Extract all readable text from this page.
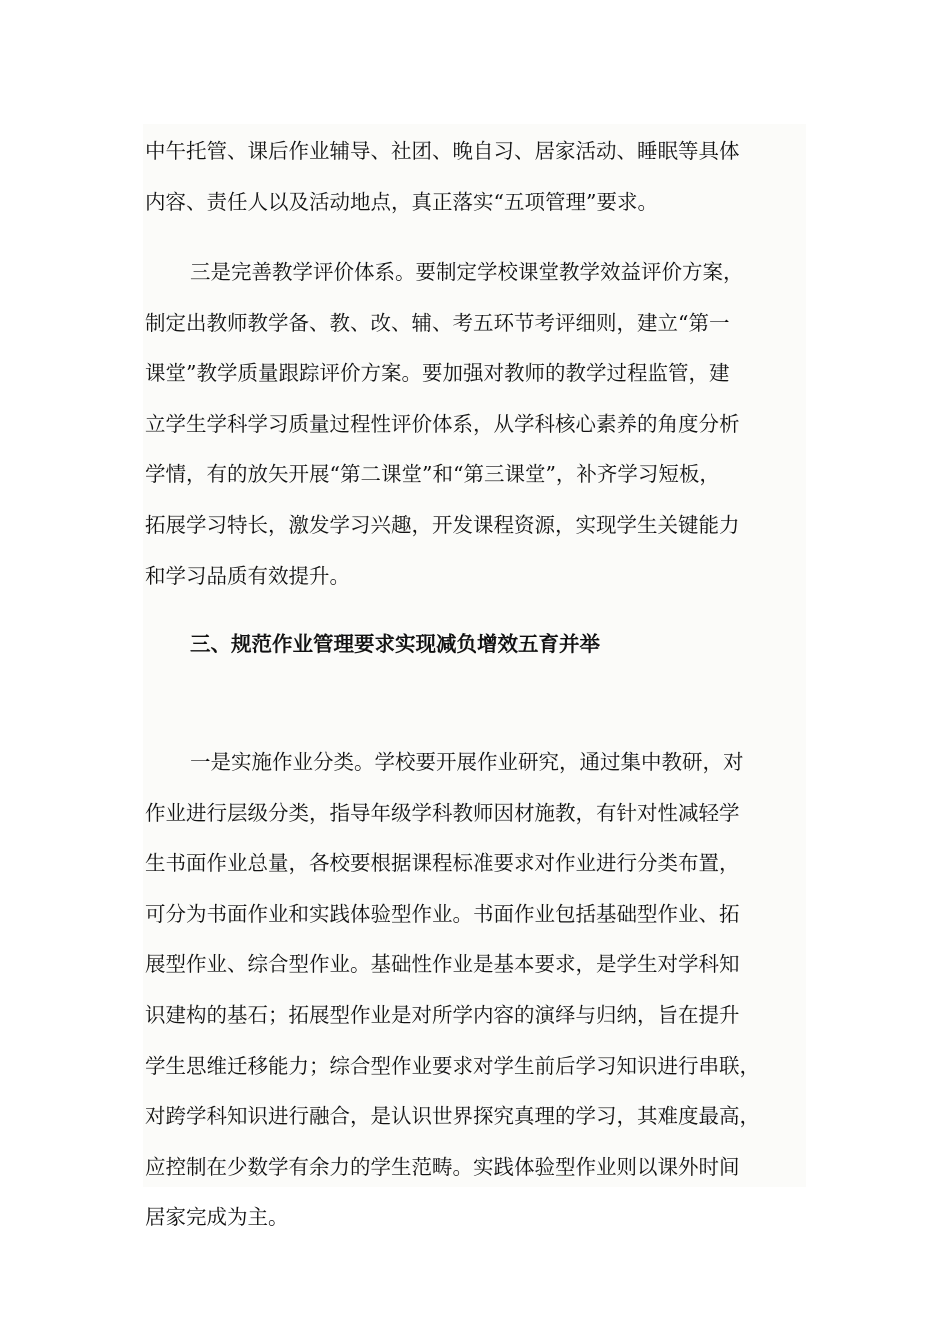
中午托管、课后作业辅导、社团、晚自习、居家活动、睡眠等具体
内容、责任人以及活动地点，真正落实“五项管理”要求。
三是完善教学评价体系。要制定学校课堂教学效益评价方案，
制定出教师教学备、教、改、辅、考五环节考评细则，建立“第一
课堂”教学质量跟踪评价方案。要加强对教师的教学过程监管，建
立学生学科学习质量过程性评价体系，从学科核心素养的角度分析
学情，有的放矢开展“第二课堂”和“第三课堂”，补齐学习短板，
拓展学习特长，激发学习兴趣，开发课程资源，实现学生关键能力
和学习品质有效提升。
三、规范作业管理要求实现减负增效五育并举
一是实施作业分类。学校要开展作业研究，通过集中教研，对
作业进行层级分类，指导年级学科教师因材施教，有针对性减轻学
生书面作业总量，各校要根据课程标准要求对作业进行分类布置，
可分为书面作业和实践体验型作业。书面作业包括基础型作业、拓
展型作业、综合型作业。基础性作业是基本要求，是学生对学科知
识建构的基石；拓展型作业是对所学内容的演绎与归纳，旨在提升
学生思维迁移能力；综合型作业要求对学生前后学习知识进行串联，
对跨学科知识进行融合，是认识世界探究真理的学习，其难度最高，
应控制在少数学有余力的学生范畴。实践体验型作业则以课外时间
居家完成为主。
